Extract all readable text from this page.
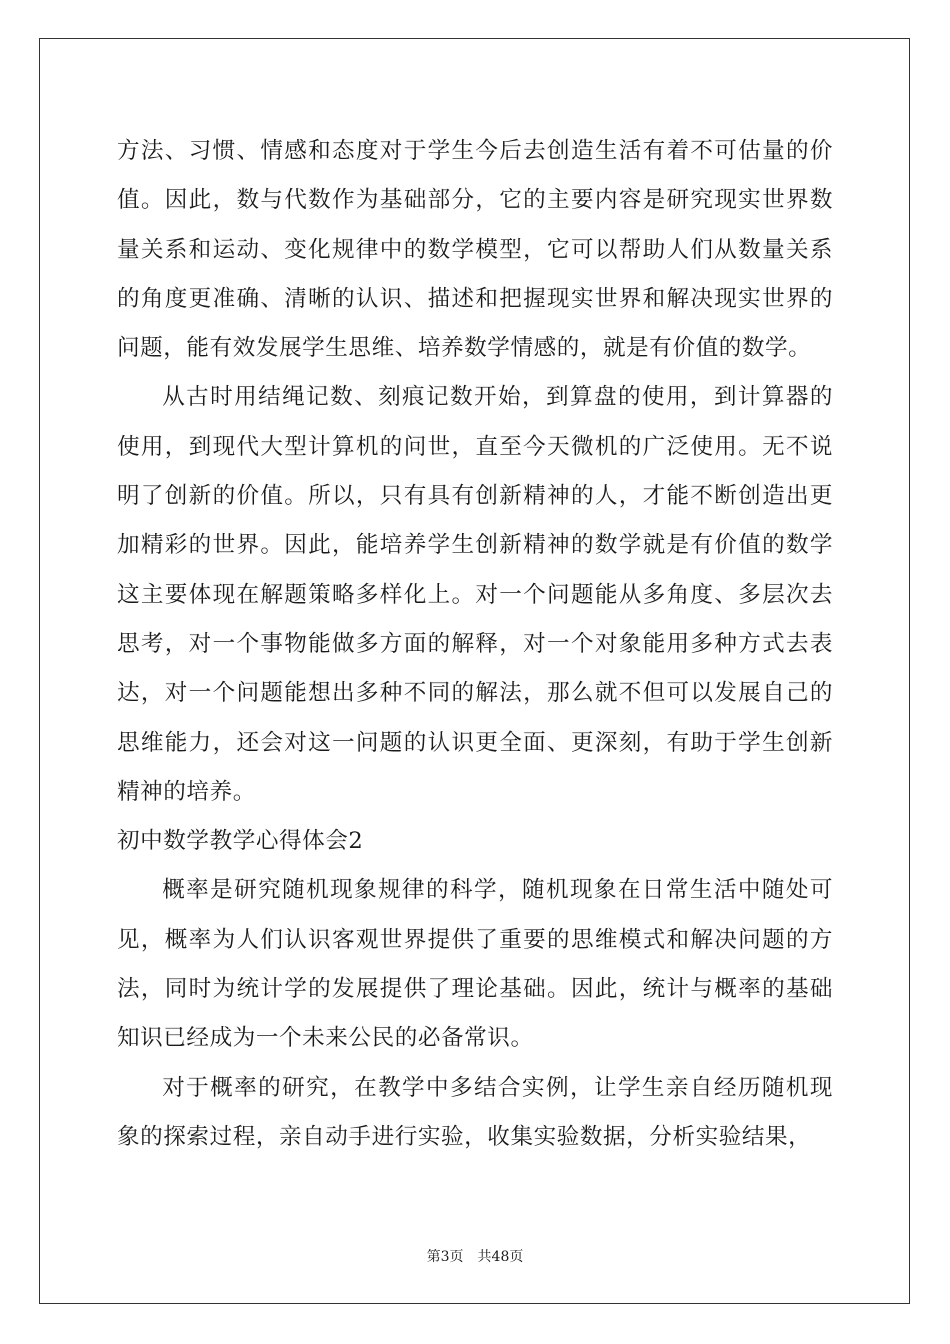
方法、习惯、情感和态度对于学生今后去创造生活有着不可估量的价值。因此，数与代数作为基础部分，它的主要内容是研究现实世界数量关系和运动、变化规律中的数学模型，它可以帮助人们从数量关系的角度更准确、清晰的认识、描述和把握现实世界和解决现实世界的问题，能有效发展学生思维、培养数学情感的，就是有价值的数学。

从古时用结绳记数、刻痕记数开始，到算盘的使用，到计算器的使用，到现代大型计算机的问世，直至今天微机的广泛使用。无不说明了创新的价值。所以，只有具有创新精神的人，才能不断创造出更加精彩的世界。因此，能培养学生创新精神的数学就是有价值的数学这主要体现在解题策略多样化上。对一个问题能从多角度、多层次去思考，对一个事物能做多方面的解释，对一个对象能用多种方式去表达，对一个问题能想出多种不同的解法，那么就不但可以发展自己的思维能力，还会对这一问题的认识更全面、更深刻，有助于学生创新精神的培养。

初中数学教学心得体会2

概率是研究随机现象规律的科学，随机现象在日常生活中随处可见，概率为人们认识客观世界提供了重要的思维模式和解决问题的方法，同时为统计学的发展提供了理论基础。因此，统计与概率的基础知识已经成为一个未来公民的必备常识。

对于概率的研究，在教学中多结合实例，让学生亲自经历随机现象的探索过程，亲自动手进行实验，收集实验数据，分析实验结果，

第3页 共48页
